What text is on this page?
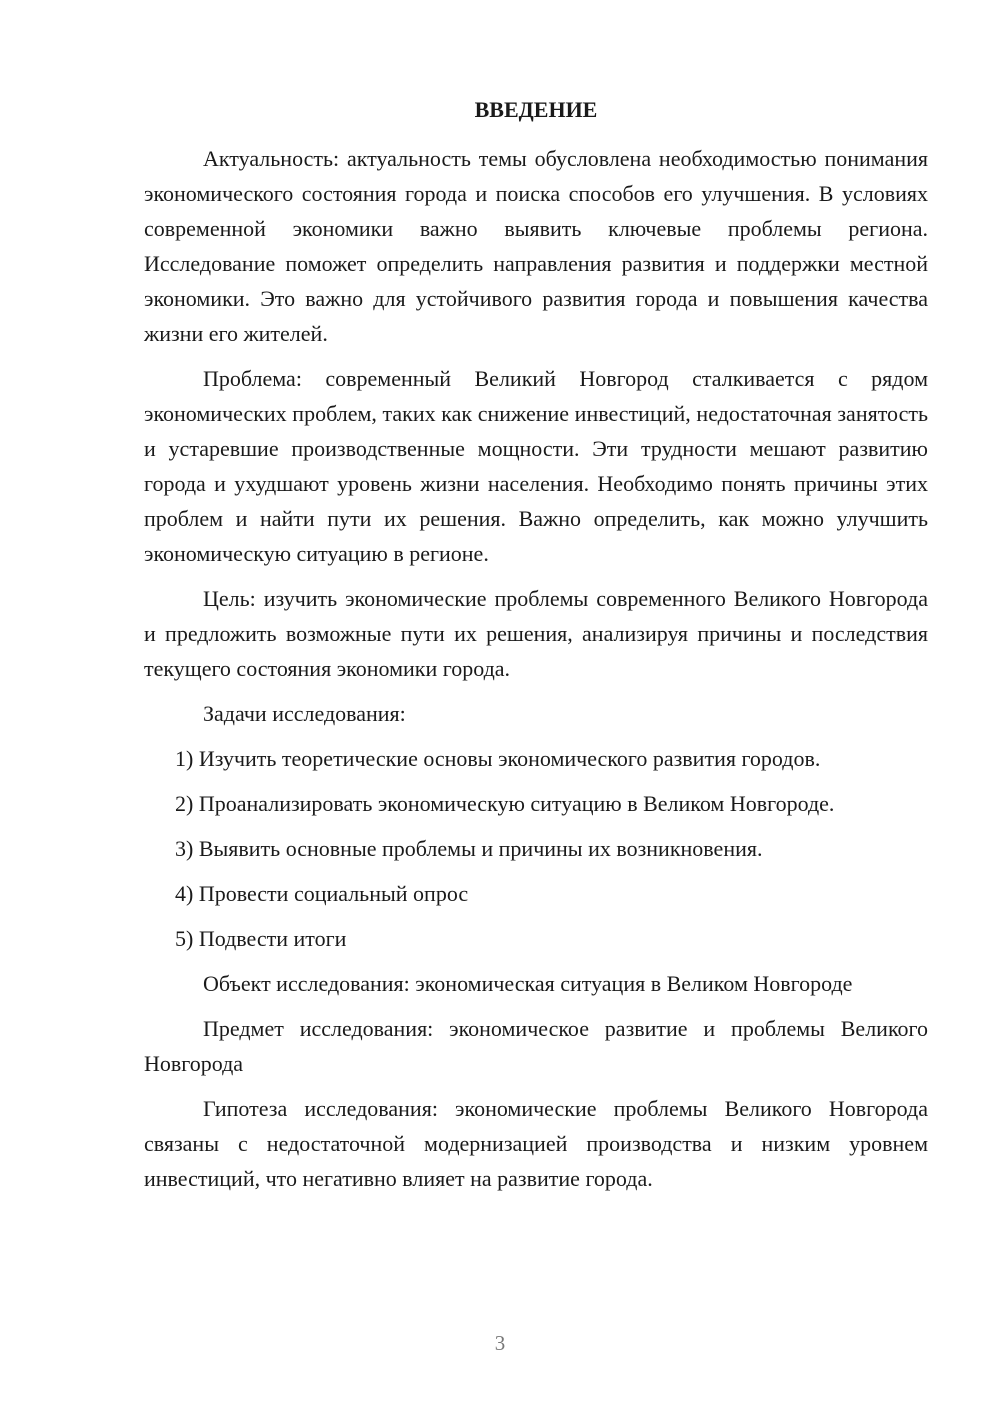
ВВЕДЕНИЕ

Актуальность: актуальность темы обусловлена необходимостью понимания экономического состояния города и поиска способов его улучшения. В условиях современной экономики важно выявить ключевые проблемы региона. Исследование поможет определить направления развития и поддержки местной экономики. Это важно для устойчивого развития города и повышения качества жизни его жителей.

Проблема: современный Великий Новгород сталкивается с рядом экономических проблем, таких как снижение инвестиций, недостаточная занятость и устаревшие производственные мощности. Эти трудности мешают развитию города и ухудшают уровень жизни населения. Необходимо понять причины этих проблем и найти пути их решения. Важно определить, как можно улучшить экономическую ситуацию в регионе.

Цель: изучить экономические проблемы современного Великого Новгорода и предложить возможные пути их решения, анализируя причины и последствия текущего состояния экономики города.

Задачи исследования:

1) Изучить теоретические основы экономического развития городов.

2) Проанализировать экономическую ситуацию в Великом Новгороде.

3) Выявить основные проблемы и причины их возникновения.

4) Провести социальный опрос

5) Подвести итоги

Объект исследования: экономическая ситуация в Великом Новгороде

Предмет исследования: экономическое развитие и проблемы Великого Новгорода

Гипотеза исследования: экономические проблемы Великого Новгорода связаны с недостаточной модернизацией производства и низким уровнем инвестиций, что негативно влияет на развитие города.

3
